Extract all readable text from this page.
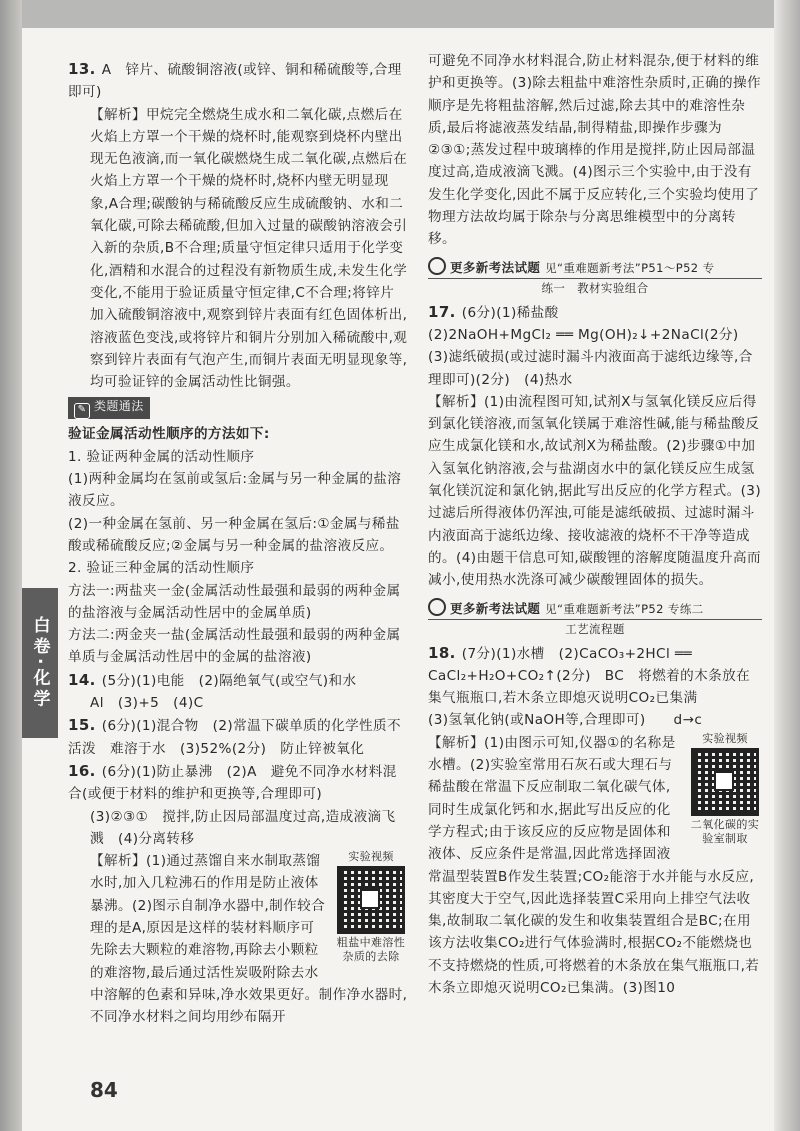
白卷·化学

13. A　锌片、硫酸铜溶液(或锌、铜和稀硫酸等,合理即可)

【解析】甲烷完全燃烧生成水和二氧化碳,点燃后在火焰上方罩一个干燥的烧杯时,能观察到烧杯内壁出现无色液滴,而一氧化碳燃烧生成二氧化碳,点燃后在火焰上方罩一个干燥的烧杯时,烧杯内壁无明显现象,A合理;碳酸钠与稀硫酸反应生成硫酸钠、水和二氧化碳,可除去稀硫酸,但加入过量的碳酸钠溶液会引入新的杂质,B不合理;质量守恒定律只适用于化学变化,酒精和水混合的过程没有新物质生成,未发生化学变化,不能用于验证质量守恒定律,C不合理;将锌片加入硫酸铜溶液中,观察到锌片表面有红色固体析出,溶液蓝色变浅,或将锌片和铜片分别加入稀硫酸中,观察到锌片表面有气泡产生,而铜片表面无明显现象等,均可验证锌的金属活动性比铜强。

✎ 类题通法

验证金属活动性顺序的方法如下:

1. 验证两种金属的活动性顺序

(1)两种金属均在氢前或氢后:金属与另一种金属的盐溶液反应。

(2)一种金属在氢前、另一种金属在氢后:①金属与稀盐酸或稀硫酸反应;②金属与另一种金属的盐溶液反应。

2. 验证三种金属的活动性顺序

方法一:两盐夹一金(金属活动性最强和最弱的两种金属的盐溶液与金属活动性居中的金属单质)

方法二:两金夹一盐(金属活动性最强和最弱的两种金属单质与金属活动性居中的金属的盐溶液)

14. (5分)(1)电能　(2)隔绝氧气(或空气)和水

Al　(3)+5　(4)C

15. (6分)(1)混合物　(2)常温下碳单质的化学性质不活泼　难溶于水　(3)52%(2分)　防止锌被氧化

16. (6分)(1)防止暴沸　(2)A　避免不同净水材料混合(或便于材料的维护和更换等,合理即可)

(3)②③①　搅拌,防止因局部温度过高,造成液滴飞溅　(4)分离转移

实验视频
粗盐中难溶性杂质的去除

【解析】(1)通过蒸馏自来水制取蒸馏水时,加入几粒沸石的作用是防止液体暴沸。(2)图示自制净水器中,制作较合理的是A,原因是这样的装材料顺序可先除去大颗粒的难溶物,再除去小颗粒的难溶物,最后通过活性炭吸附除去水中溶解的色素和异味,净水效果更好。制作净水器时,不同净水材料之间均用纱布隔开

可避免不同净水材料混合,防止材料混杂,便于材料的维护和更换等。(3)除去粗盐中难溶性杂质时,正确的操作顺序是先将粗盐溶解,然后过滤,除去其中的难溶性杂质,最后将滤液蒸发结晶,制得精盐,即操作步骤为②③①;蒸发过程中玻璃棒的作用是搅拌,防止因局部温度过高,造成液滴飞溅。(4)图示三个实验中,由于没有发生化学变化,因此不属于反应转化,三个实验均使用了物理方法故均属于除杂与分离思维模型中的分离转移。

更多新考法试题 见“重难题新考法”P51～P52 专
练一　教材实验组合

17. (6分)(1)稀盐酸

(2)2NaOH+MgCl₂ ══ Mg(OH)₂↓+2NaCl(2分)

(3)滤纸破损(或过滤时漏斗内液面高于滤纸边缘等,合理即可)(2分)　(4)热水

【解析】(1)由流程图可知,试剂X与氢氧化镁反应后得到氯化镁溶液,而氢氧化镁属于难溶性碱,能与稀盐酸反应生成氯化镁和水,故试剂X为稀盐酸。(2)步骤①中加入氢氧化钠溶液,会与盐湖卤水中的氯化镁反应生成氢氧化镁沉淀和氯化钠,据此写出反应的化学方程式。(3)过滤后所得液体仍浑浊,可能是滤纸破损、过滤时漏斗内液面高于滤纸边缘、接收滤液的烧杯不干净等造成的。(4)由题干信息可知,碳酸锂的溶解度随温度升高而减小,使用热水洗涤可减少碳酸锂固体的损失。

更多新考法试题 见“重难题新考法”P52 专练二
工艺流程题

18. (7分)(1)水槽　(2)CaCO₃+2HCl ══ CaCl₂+H₂O+CO₂↑(2分)　BC　将燃着的木条放在集气瓶瓶口,若木条立即熄灭说明CO₂已集满

(3)氢氧化钠(或NaOH等,合理即可)　　d→c

实验视频
二氧化碳的实验室制取

【解析】(1)由图示可知,仪器①的名称是水槽。(2)实验室常用石灰石或大理石与稀盐酸在常温下反应制取二氧化碳气体,同时生成氯化钙和水,据此写出反应的化学方程式;由于该反应的反应物是固体和液体、反应条件是常温,因此常选择固液常温型装置B作发生装置;CO₂能溶于水并能与水反应,其密度大于空气,因此选择装置C采用向上排空气法收集,故制取二氧化碳的发生和收集装置组合是BC;在用该方法收集CO₂进行气体验满时,根据CO₂不能燃烧也不支持燃烧的性质,可将燃着的木条放在集气瓶瓶口,若木条立即熄灭说明CO₂已集满。(3)图10

84
